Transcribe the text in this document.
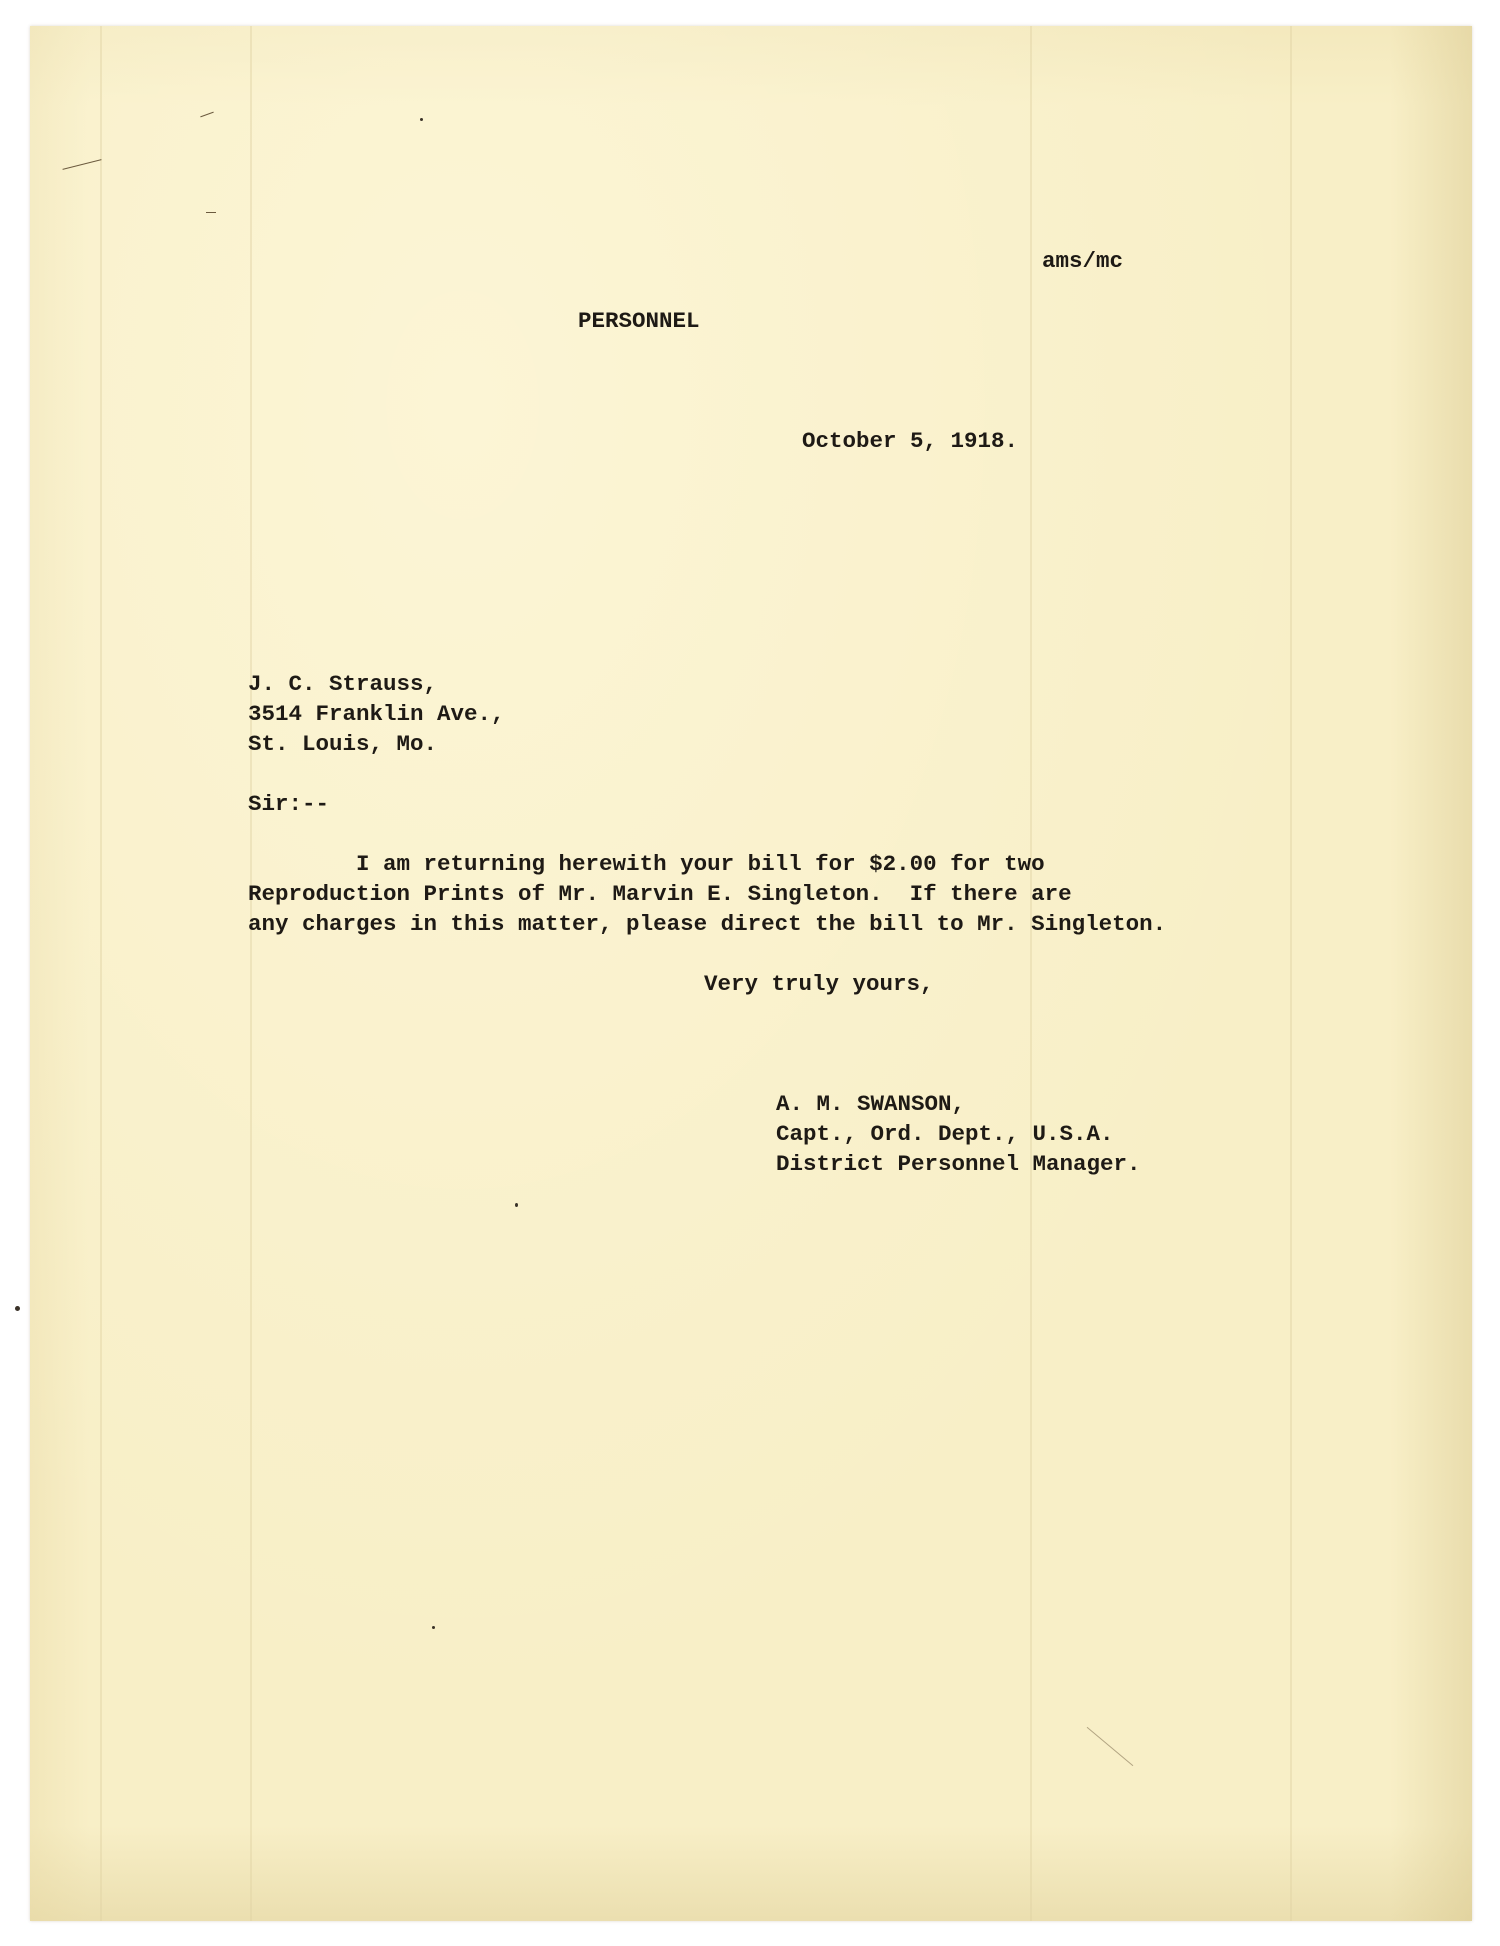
ams/mc

PERSONNEL

October 5, 1918.

J. C. Strauss,

3514 Franklin Ave.,

St. Louis, Mo.

Sir:--

I am returning herewith your bill for $2.00 for two

Reproduction Prints of Mr. Marvin E. Singleton.  If there are

any charges in this matter, please direct the bill to Mr. Singleton.

Very truly yours,

A. M. SWANSON,

Capt., Ord. Dept., U.S.A.

District Personnel Manager.
